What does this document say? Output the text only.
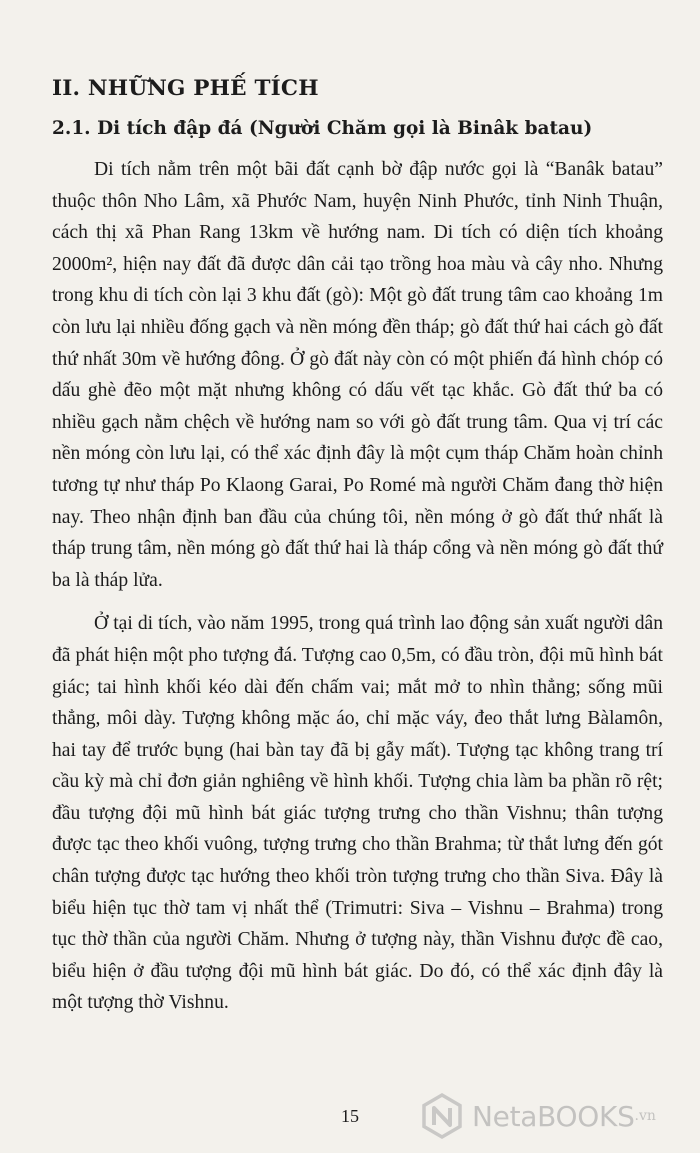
II. NHỮNG PHẾ TÍCH
2.1. Di tích đập đá (Người Chăm gọi là Binâk batau)

Di tích nằm trên một bãi đất cạnh bờ đập nước gọi là “Banâk batau” thuộc thôn Nho Lâm, xã Phước Nam, huyện Ninh Phước, tỉnh Ninh Thuận, cách thị xã Phan Rang 13km về hướng nam. Di tích có diện tích khoảng 2000m², hiện nay đất đã được dân cải tạo trồng hoa màu và cây nho. Nhưng trong khu di tích còn lại 3 khu đất (gò): Một gò đất trung tâm cao khoảng 1m còn lưu lại nhiều đống gạch và nền móng đền tháp; gò đất thứ hai cách gò đất thứ nhất 30m về hướng đông. Ở gò đất này còn có một phiến đá hình chóp có dấu ghè đẽo một mặt nhưng không có dấu vết tạc khắc. Gò đất thứ ba có nhiều gạch nằm chệch về hướng nam so với gò đất trung tâm. Qua vị trí các nền móng còn lưu lại, có thể xác định đây là một cụm tháp Chăm hoàn chỉnh tương tự như tháp Po Klaong Garai, Po Romé mà người Chăm đang thờ hiện nay. Theo nhận định ban đầu của chúng tôi, nền móng ở gò đất thứ nhất là tháp trung tâm, nền móng gò đất thứ hai là tháp cổng và nền móng gò đất thứ ba là tháp lửa.

Ở tại di tích, vào năm 1995, trong quá trình lao động sản xuất người dân đã phát hiện một pho tượng đá. Tượng cao 0,5m, có đầu tròn, đội mũ hình bát giác; tai hình khối kéo dài đến chấm vai; mắt mở to nhìn thẳng; sống mũi thẳng, môi dày. Tượng không mặc áo, chỉ mặc váy, đeo thắt lưng Bàlamôn, hai tay để trước bụng (hai bàn tay đã bị gẫy mất). Tượng tạc không trang trí cầu kỳ mà chỉ đơn giản nghiêng về hình khối. Tượng chia làm ba phần rõ rệt; đầu tượng đội mũ hình bát giác tượng trưng cho thần Vishnu; thân tượng được tạc theo khối vuông, tượng trưng cho thần Brahma; từ thắt lưng đến gót chân tượng được tạc hướng theo khối tròn tượng trưng cho thần Siva. Đây là biểu hiện tục thờ tam vị nhất thể (Trimutri: Siva – Vishnu – Brahma) trong tục thờ thần của người Chăm. Nhưng ở tượng này, thần Vishnu được đề cao, biểu hiện ở đầu tượng đội mũ hình bát giác. Do đó, có thể xác định đây là một tượng thờ Vishnu.

15	NetaBOOKS .vn
